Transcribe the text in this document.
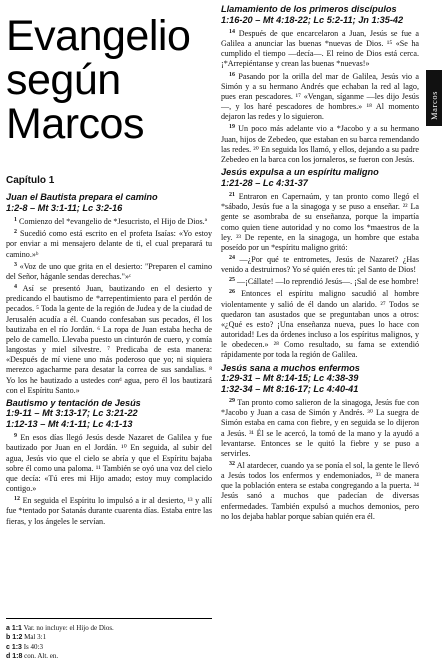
Evangelio
según
Marcos	Marcos
Capítulo 1
Juan el Bautista prepara el camino
1:2-8 – Mt 3:1-11; Lc 3:2-16

$^1$ Comienzo del *evangelio de *Jesucristo, el Hijo de Dios.ª

$^2$ Sucedió como está escrito en el profeta Isaías: «Yo estoy por enviar a mi mensajero delante de ti, el cual preparará tu camino.»ᵇ

$^3$ «Voz de uno que grita en el desierto: "Preparen el camino del Señor, háganle sendas derechas."»ᶜ

$^4$ Así se presentó Juan, bautizando en el desierto y predicando el bautismo de *arrepentimiento para el perdón de pecados. ⁵ Toda la gente de la región de Judea y de la ciudad de Jerusalén acudía a él. Cuando confesaban sus pecados, él los bautizaba en el río Jordán. ⁶ La ropa de Juan estaba hecha de pelo de camello. Llevaba puesto un cinturón de cuero, y comía langostas y miel silvestre. ⁷ Predicaba de esta manera: «Después de mí viene uno más poderoso que yo; ni siquiera merezco agacharme para desatar la correa de sus sandalias. ⁸ Yo los he bautizado a ustedes conᵈ agua, pero él los bautizará con el Espíritu Santo.»

Bautismo y tentación de Jesús
1:9-11 – Mt 3:13-17; Lc 3:21-22
1:12-13 – Mt 4:1-11; Lc 4:1-13

$^9$ En esos días llegó Jesús desde Nazaret de Galilea y fue bautizado por Juan en el Jordán. ¹⁰ En seguida, al subir del agua, Jesús vio que el cielo se abría y que el Espíritu bajaba sobre él como una paloma. ¹¹ También se oyó una voz del cielo que decía: «Tú eres mi Hijo amado; estoy muy complacido contigo.»

$^{12}$ En seguida el Espíritu lo impulsó a ir al desierto, ¹³ y allí fue *tentado por Satanás durante cuarenta días. Estaba entre las fieras, y los ángeles le servían.

a 1:1 Var. no incluye: el Hijo de Dios.
b 1:2 Mal 3:1
c 1:3 Is 40:3
d 1:8 con. Alt. en.
Llamamiento de los primeros discípulos
1:16-20 – Mt 4:18-22; Lc 5:2-11; Jn 1:35-42

$^{14}$ Después de que encarcelaron a Juan, Jesús se fue a Galilea a anunciar las buenas *nuevas de Dios. ¹⁵ «Se ha cumplido el tiempo —decía—. El reino de Dios está cerca. ¡*Arrepiéntanse y crean las buenas *nuevas!»

$^{16}$ Pasando por la orilla del mar de Galilea, Jesús vio a Simón y a su hermano Andrés que echaban la red al lago, pues eran pescadores. ¹⁷ «Vengan, síganme —les dijo Jesús—, y los haré pescadores de hombres.» ¹⁸ Al momento dejaron las redes y lo siguieron.

$^{19}$ Un poco más adelante vio a *Jacobo y a su hermano Juan, hijos de Zebedeo, que estaban en su barca remendando las redes. ²⁰ En seguida los llamó, y ellos, dejando a su padre Zebedeo en la barca con los jornaleros, se fueron con Jesús.

Jesús expulsa a un espíritu maligno
1:21-28 – Lc 4:31-37

$^{21}$ Entraron en Capernaúm, y tan pronto como llegó el *sábado, Jesús fue a la sinagoga y se puso a enseñar. ²² La gente se asombraba de su enseñanza, porque la impartía como quien tiene autoridad y no como los *maestros de la ley. ²³ De repente, en la sinagoga, un hombre que estaba poseído por un *espíritu maligno gritó:

$^{24}$ —¿Por qué te entrometes, Jesús de Nazaret? ¿Has venido a destruirnos? Yo sé quién eres tú: ¡el Santo de Dios!

$^{25}$ —¡Cállate! —lo reprendió Jesús—. ¡Sal de ese hombre!

$^{26}$ Entonces el espíritu maligno sacudió al hombre violentamente y salió de él dando un alarido. ²⁷ Todos se quedaron tan asustados que se preguntaban unos a otros: «¿Qué es esto? ¡Una enseñanza nueva, pues lo hace con autoridad! Les da órdenes incluso a los espíritus malignos, y le obedecen.» ²⁸ Como resultado, su fama se extendió rápidamente por toda la región de Galilea.

Jesús sana a muchos enfermos
1:29-31 – Mt 8:14-15; Lc 4:38-39
1:32-34 – Mt 8:16-17; Lc 4:40-41

$^{29}$ Tan pronto como salieron de la sinagoga, Jesús fue con *Jacobo y Juan a casa de Simón y Andrés. ³⁰ La suegra de Simón estaba en cama con fiebre, y en seguida se lo dijeron a Jesús. ³¹ Él se le acercó, la tomó de la mano y la ayudó a levantarse. Entonces se le quitó la fiebre y se puso a servirles.

$^{32}$ Al atardecer, cuando ya se ponía el sol, la gente le llevó a Jesús todos los enfermos y endemoniados, ³³ de manera que la población entera se estaba congregando a la puerta. ³⁴ Jesús sanó a muchos que padecían de diversas enfermedades. También expulsó a muchos demonios, pero no los dejaba hablar porque sabían quién era él.
